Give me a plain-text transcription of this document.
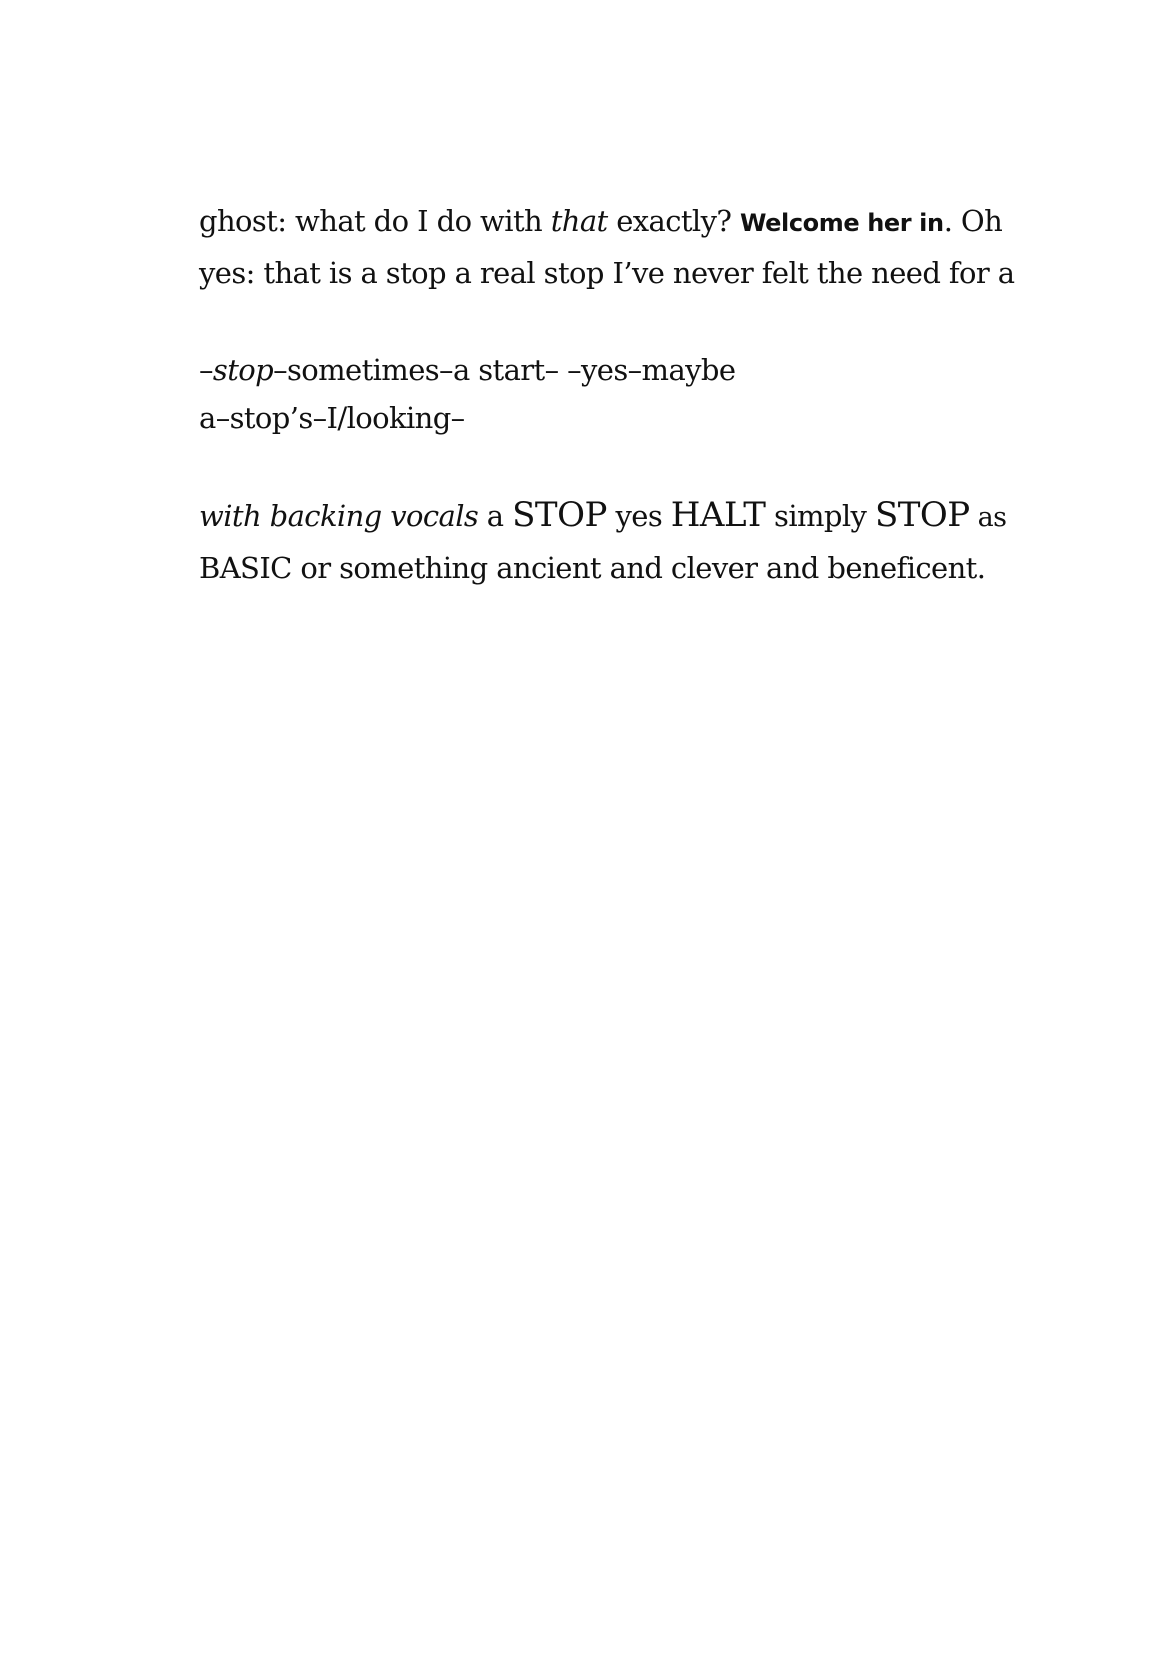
ghost: what do I do with that exactly? Welcome her in. Oh
yes: that is a stop a real stop I’ve never felt the need for a

–stop–sometimes–a start– –yes–maybe
a–stop’s–I/looking–

with backing vocals a STOP yes HALT simply STOP as
BASIC or something ancient and clever and beneficent.
